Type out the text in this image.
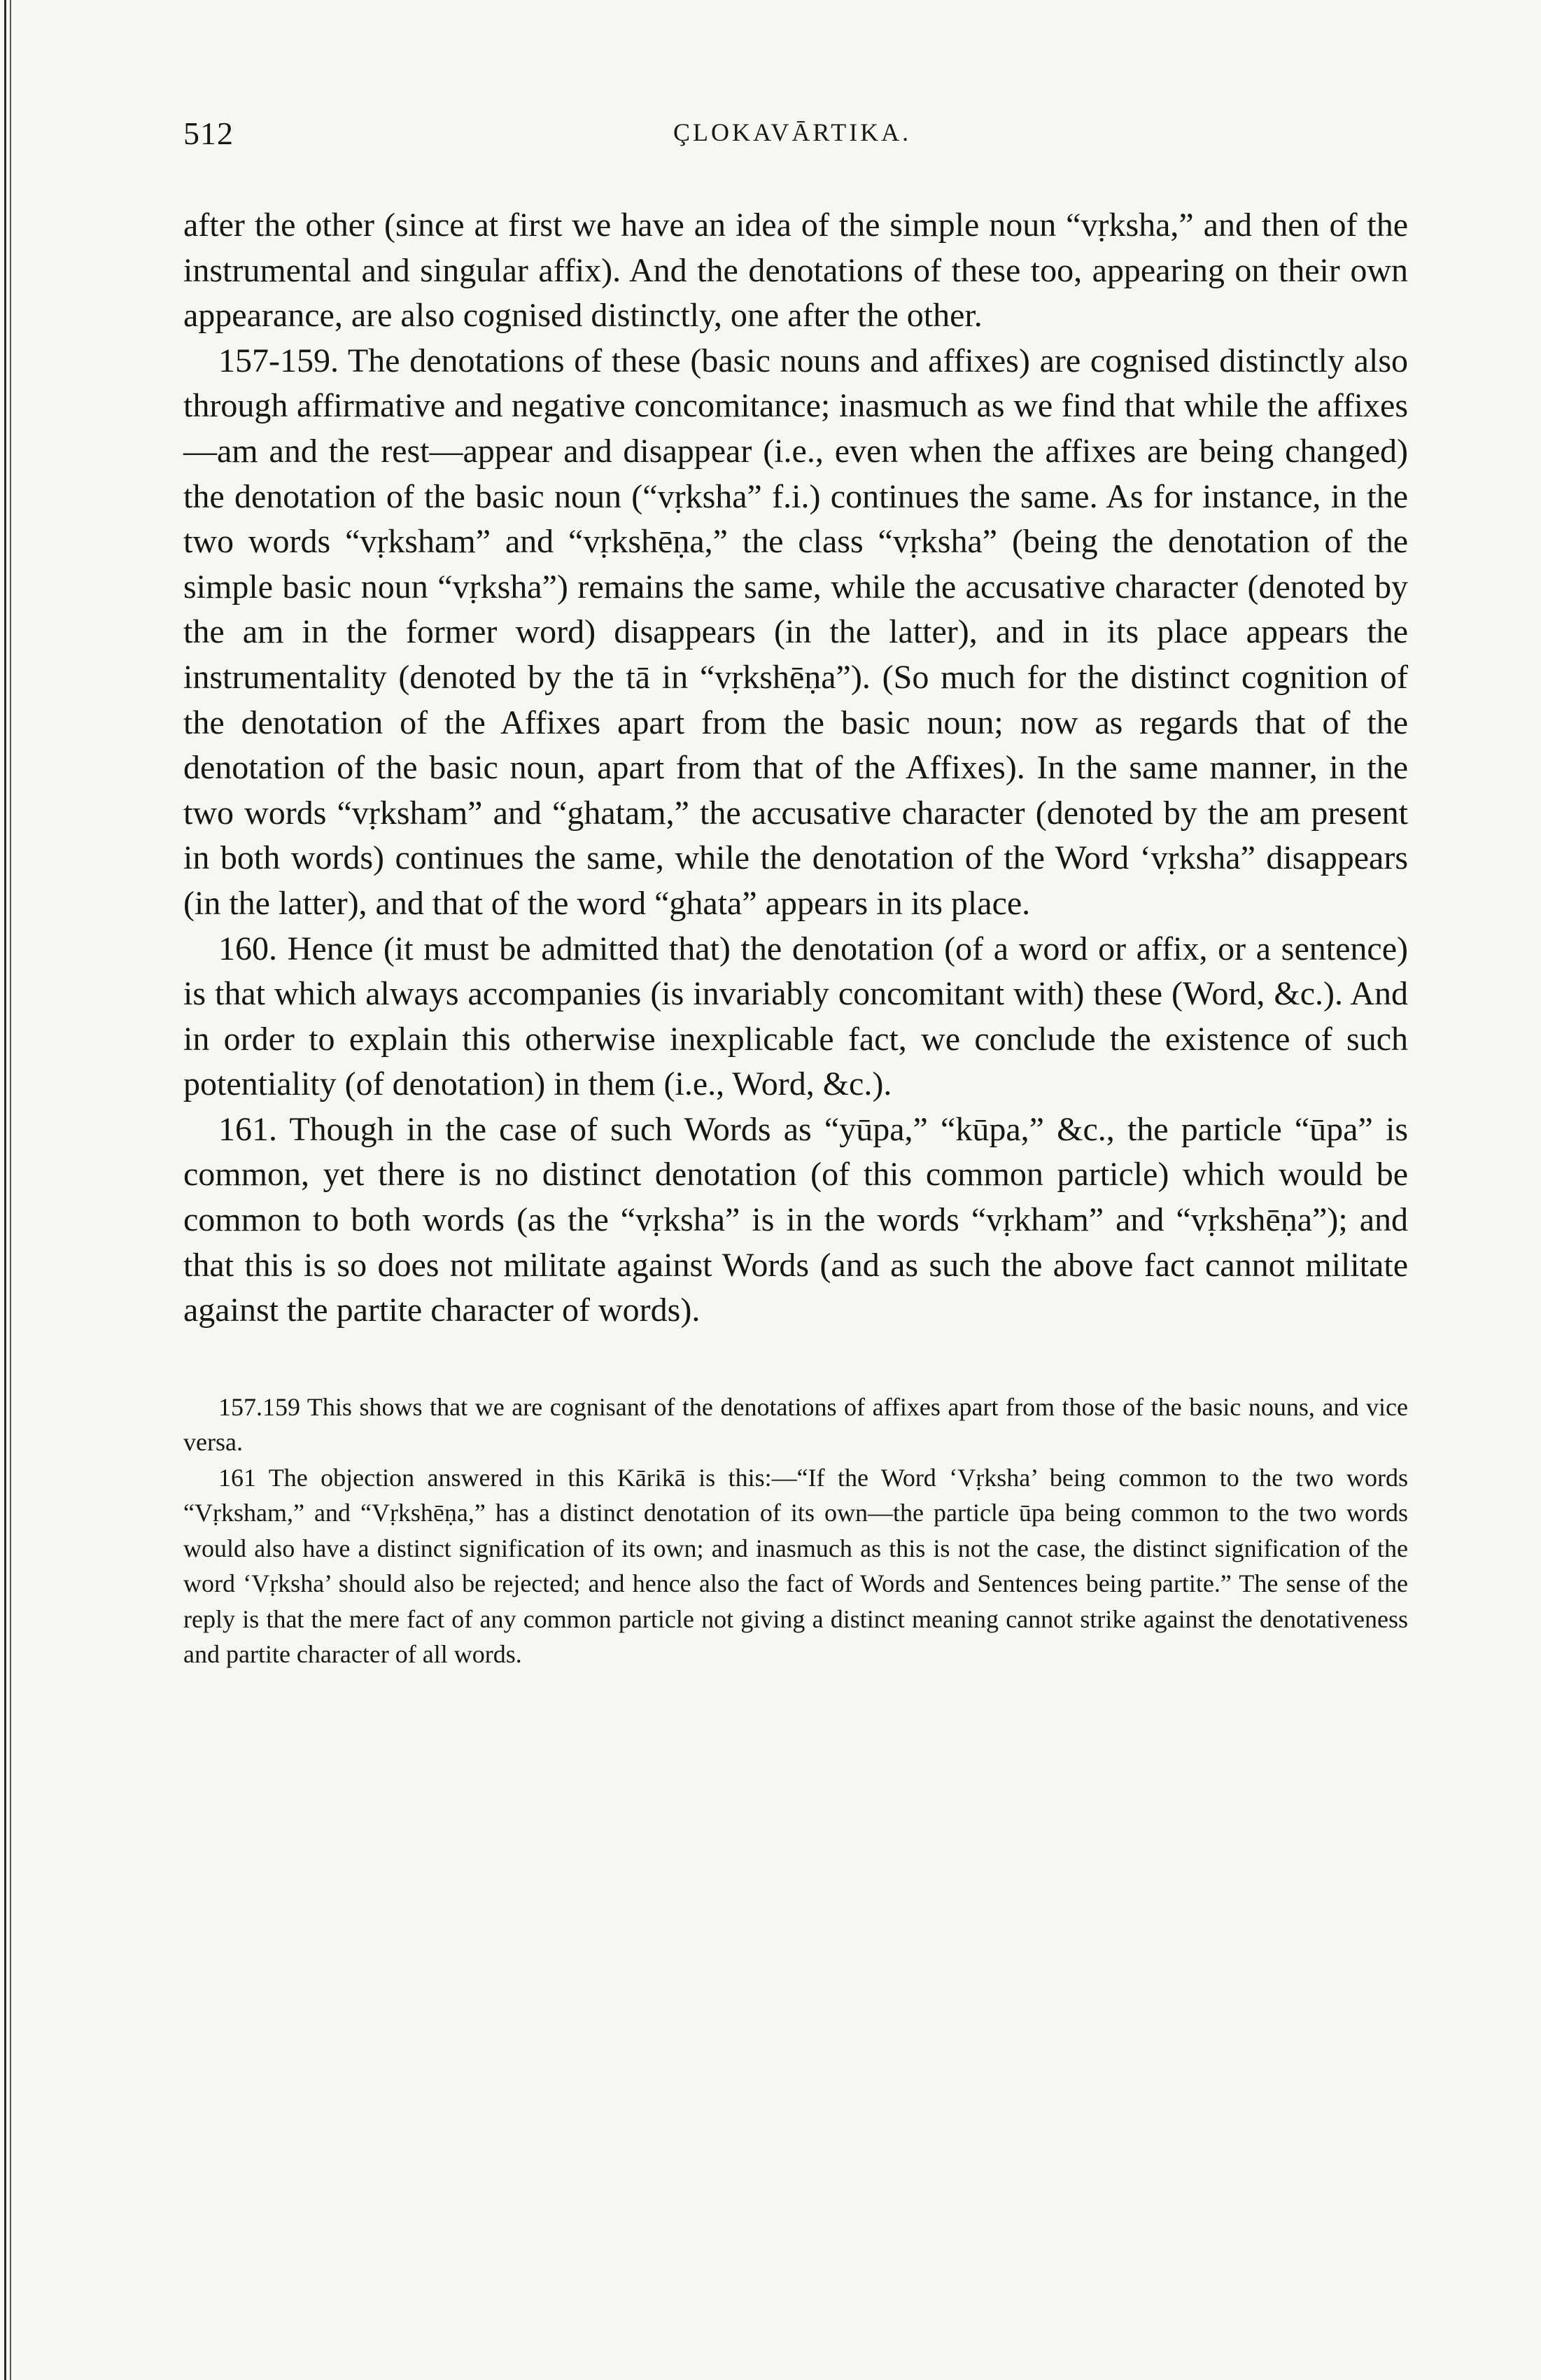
512	ÇLOKAVĀRTIKA.

after the other (since at first we have an idea of the simple noun “vṛksha,” and then of the instrumental and singular affix). And the denotations of these too, appearing on their own appearance, are also cognised distinctly, one after the other.

157-159. The denotations of these (basic nouns and affixes) are cognised distinctly also through affirmative and negative concomitance; inasmuch as we find that while the affixes—am and the rest—appear and disappear (i.e., even when the affixes are being changed) the denotation of the basic noun (“vṛksha” f.i.) continues the same. As for instance, in the two words “vṛksham” and “vṛkshēṇa,” the class “vṛksha” (being the denotation of the simple basic noun “vṛksha”) remains the same, while the accusative character (denoted by the am in the former word) disappears (in the latter), and in its place appears the instrumentality (denoted by the tā in “vṛkshēṇa”). (So much for the distinct cognition of the denotation of the Affixes apart from the basic noun; now as regards that of the denotation of the basic noun, apart from that of the Affixes). In the same manner, in the two words “vṛksham” and “ghatam,” the accusative character (denoted by the am present in both words) continues the same, while the denotation of the Word ‘vṛksha” disappears (in the latter), and that of the word “ghata” appears in its place.

160. Hence (it must be admitted that) the denotation (of a word or affix, or a sentence) is that which always accompanies (is invariably concomitant with) these (Word, &c.). And in order to explain this otherwise inexplicable fact, we conclude the existence of such potentiality (of denotation) in them (i.e., Word, &c.).

161. Though in the case of such Words as “yūpa,” “kūpa,” &c., the particle “ūpa” is common, yet there is no distinct denotation (of this common particle) which would be common to both words (as the “vṛksha” is in the words “vṛkham” and “vṛkshēṇa”); and that this is so does not militate against Words (and as such the above fact cannot militate against the partite character of words).

157.159 This shows that we are cognisant of the denotations of affixes apart from those of the basic nouns, and vice versa.

161 The objection answered in this Kārikā is this:—“If the Word ‘Vṛksha’ being common to the two words “Vṛksham,” and “Vṛkshēṇa,” has a distinct denotation of its own—the particle ūpa being common to the two words would also have a distinct signification of its own; and inasmuch as this is not the case, the distinct signification of the word ‘Vṛksha’ should also be rejected; and hence also the fact of Words and Sentences being partite.” The sense of the reply is that the mere fact of any common particle not giving a distinct meaning cannot strike against the denotativeness and partite character of all words.
